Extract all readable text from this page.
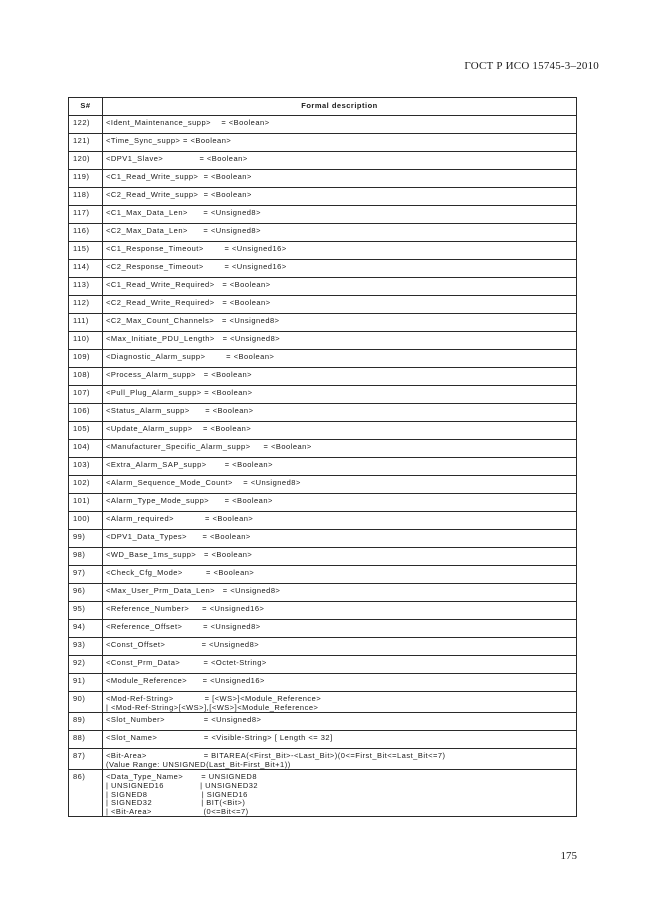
ГОСТ Р ИСО 15745-3–2010
S#	Formal description
122)	<Ident_Maintenance_supp>    = <Boolean>

121)	<Time_Sync_supp> = <Boolean>

120)	<DPV1_Slave>              = <Boolean>

119)	<C1_Read_Write_supp>  = <Boolean>

118)	<C2_Read_Write_supp>  = <Boolean>

117)	<C1_Max_Data_Len>      = <Unsigned8>

116)	<C2_Max_Data_Len>      = <Unsigned8>

115)	<C1_Response_Timeout>        = <Unsigned16>

114)	<C2_Response_Timeout>        = <Unsigned16>

113)	<C1_Read_Write_Required>   = <Boolean>

112)	<C2_Read_Write_Required>   = <Boolean>

111)	<C2_Max_Count_Channels>   = <Unsigned8>

110)	<Max_Initiate_PDU_Length>   = <Unsigned8>

109)	<Diagnostic_Alarm_supp>        = <Boolean>

108)	<Process_Alarm_supp>   = <Boolean>

107)	<Pull_Plug_Alarm_supp> = <Boolean>

106)	<Status_Alarm_supp>      = <Boolean>

105)	<Update_Alarm_supp>    = <Boolean>

104)	<Manufacturer_Specific_Alarm_supp>     = <Boolean>

103)	<Extra_Alarm_SAP_supp>       = <Boolean>

102)	<Alarm_Sequence_Mode_Count>    = <Unsigned8>

101)	<Alarm_Type_Mode_supp>      = <Boolean>

100)	<Alarm_required>            = <Boolean>

99)	<DPV1_Data_Types>      = <Boolean>

98)	<WD_Base_1ms_supp>   = <Boolean>

97)	<Check_Cfg_Mode>         = <Boolean>

96)	<Max_User_Prm_Data_Len>   = <Unsigned8>

95)	<Reference_Number>     = <Unsigned16>

94)	<Reference_Offset>        = <Unsigned8>

93)	<Const_Offset>              = <Unsigned8>

92)	<Const_Prm_Data>         = <Octet-String>

91)	<Module_Reference>      = <Unsigned16>

90)	<Mod-Ref-String>            = [<WS>]<Module_Reference>
| <Mod-Ref-String>[<WS>],[<WS>]<Module_Reference>

89)	<Slot_Number>               = <Unsigned8>

88)	<Slot_Name>                  = <Visible-String> [ Length <= 32]

87)	<Bit-Area>                      = BITAREA(<First_Bit>-<Last_Bit>)(0<=First_Bit<=Last_Bit<=7)
(Value Range: UNSIGNED(Last_Bit-First_Bit+1))

86)	<Data_Type_Name>       = UNSIGNED8
| UNSIGNED16              | UNSIGNED32
| SIGNED8                     | SIGNED16
| SIGNED32                   | BIT(<Bit>)
| <Bit-Area>                    (0<=Bit<=7)
175
